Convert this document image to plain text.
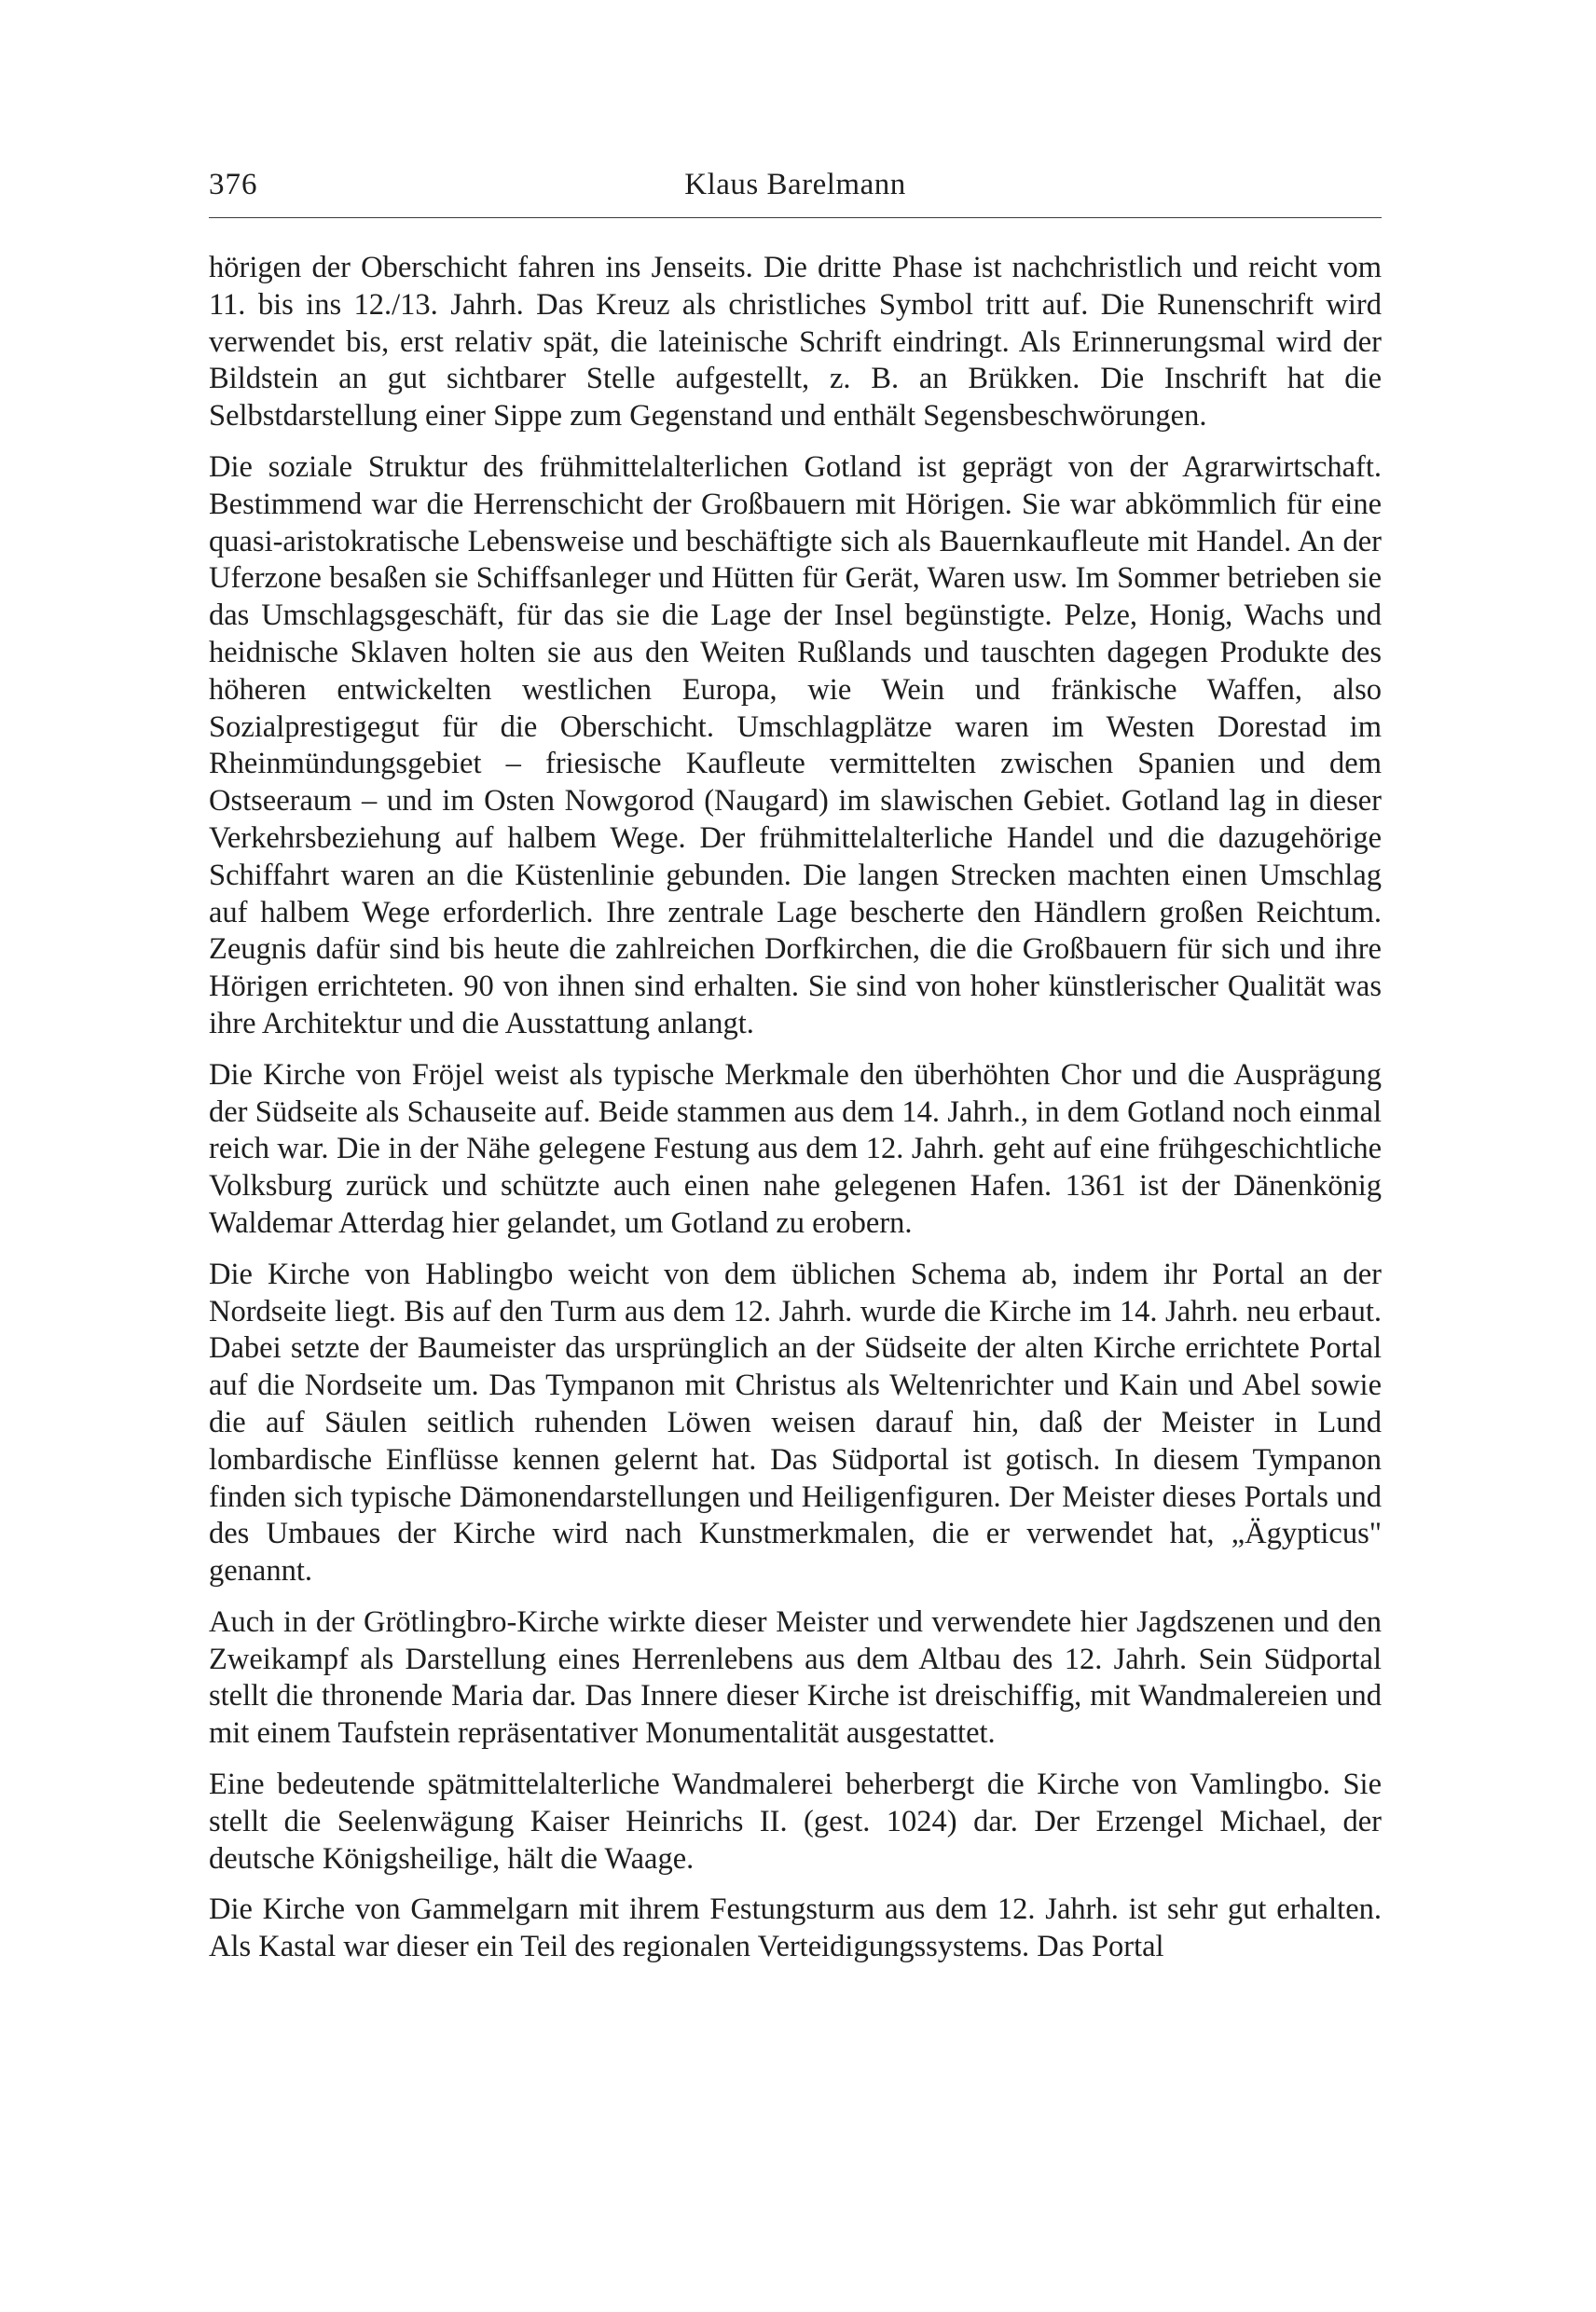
376	Klaus Barelmann

hörigen der Oberschicht fahren ins Jenseits. Die dritte Phase ist nachchristlich und reicht vom 11. bis ins 12./13. Jahrh. Das Kreuz als christliches Symbol tritt auf. Die Runenschrift wird verwendet bis, erst relativ spät, die lateinische Schrift eindringt. Als Erinnerungsmal wird der Bildstein an gut sichtbarer Stelle aufgestellt, z. B. an Brükken. Die Inschrift hat die Selbstdarstellung einer Sippe zum Gegenstand und enthält Segensbeschwörungen.

Die soziale Struktur des frühmittelalterlichen Gotland ist geprägt von der Agrarwirtschaft. Bestimmend war die Herrenschicht der Großbauern mit Hörigen. Sie war abkömmlich für eine quasi-aristokratische Lebensweise und beschäftigte sich als Bauernkaufleute mit Handel. An der Uferzone besaßen sie Schiffsanleger und Hütten für Gerät, Waren usw. Im Sommer betrieben sie das Umschlagsgeschäft, für das sie die Lage der Insel begünstigte. Pelze, Honig, Wachs und heidnische Sklaven holten sie aus den Weiten Rußlands und tauschten dagegen Produkte des höheren entwickelten westlichen Europa, wie Wein und fränkische Waffen, also Sozialprestigegut für die Oberschicht. Umschlagplätze waren im Westen Dorestad im Rheinmündungsgebiet – friesische Kaufleute vermittelten zwischen Spanien und dem Ostseeraum – und im Osten Nowgorod (Naugard) im slawischen Gebiet. Gotland lag in dieser Verkehrsbeziehung auf halbem Wege. Der frühmittelalterliche Handel und die dazugehörige Schiffahrt waren an die Küstenlinie gebunden. Die langen Strecken machten einen Umschlag auf halbem Wege erforderlich. Ihre zentrale Lage bescherte den Händlern großen Reichtum. Zeugnis dafür sind bis heute die zahlreichen Dorfkirchen, die die Großbauern für sich und ihre Hörigen errichteten. 90 von ihnen sind erhalten. Sie sind von hoher künstlerischer Qualität was ihre Architektur und die Ausstattung anlangt.

Die Kirche von Fröjel weist als typische Merkmale den überhöhten Chor und die Ausprägung der Südseite als Schauseite auf. Beide stammen aus dem 14. Jahrh., in dem Gotland noch einmal reich war. Die in der Nähe gelegene Festung aus dem 12. Jahrh. geht auf eine frühgeschichtliche Volksburg zurück und schützte auch einen nahe gelegenen Hafen. 1361 ist der Dänenkönig Waldemar Atterdag hier gelandet, um Gotland zu erobern.

Die Kirche von Hablingbo weicht von dem üblichen Schema ab, indem ihr Portal an der Nordseite liegt. Bis auf den Turm aus dem 12. Jahrh. wurde die Kirche im 14. Jahrh. neu erbaut. Dabei setzte der Baumeister das ursprünglich an der Südseite der alten Kirche errichtete Portal auf die Nordseite um. Das Tympanon mit Christus als Weltenrichter und Kain und Abel sowie die auf Säulen seitlich ruhenden Löwen weisen darauf hin, daß der Meister in Lund lombardische Einflüsse kennen gelernt hat. Das Südportal ist gotisch. In diesem Tympanon finden sich typische Dämonendarstellungen und Heiligenfiguren. Der Meister dieses Portals und des Umbaues der Kirche wird nach Kunstmerkmalen, die er verwendet hat, „Ägypticus" genannt.

Auch in der Grötlingbro-Kirche wirkte dieser Meister und verwendete hier Jagdszenen und den Zweikampf als Darstellung eines Herrenlebens aus dem Altbau des 12. Jahrh. Sein Südportal stellt die thronende Maria dar. Das Innere dieser Kirche ist dreischiffig, mit Wandmalereien und mit einem Taufstein repräsentativer Monumentalität ausgestattet.

Eine bedeutende spätmittelalterliche Wandmalerei beherbergt die Kirche von Vamlingbo. Sie stellt die Seelenwägung Kaiser Heinrichs II. (gest. 1024) dar. Der Erzengel Michael, der deutsche Königsheilige, hält die Waage.

Die Kirche von Gammelgarn mit ihrem Festungsturm aus dem 12. Jahrh. ist sehr gut erhalten. Als Kastal war dieser ein Teil des regionalen Verteidigungssystems. Das Portal
